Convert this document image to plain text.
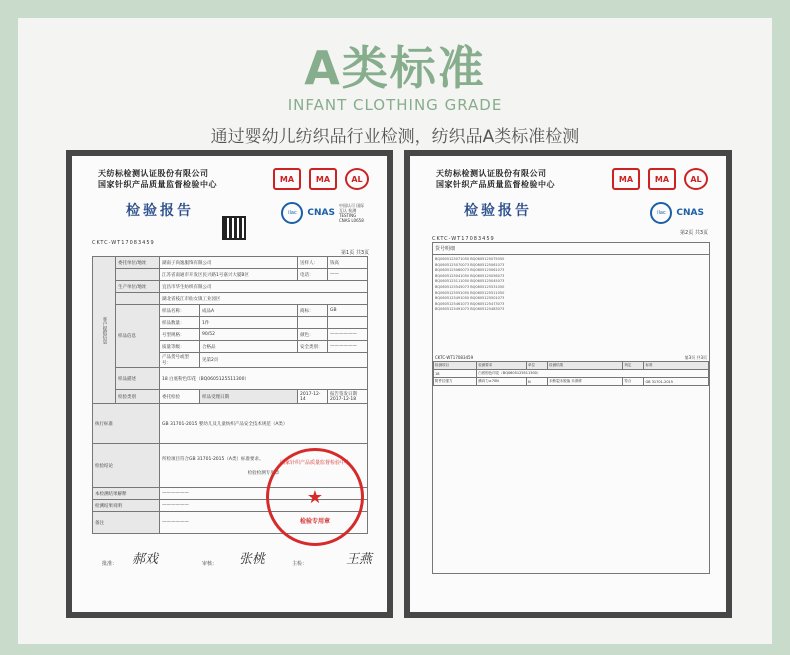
A类标准
INFANT CLOTHING GRADE
通过婴幼儿纺织品行业检测，纺织品A类标准检测
天纺标检测认证股份有限公司
国家针织产品质量监督检验中心
MA	MA	AL
检验报告	ilac	CNAS
中国认可 国际互认 检测 TESTING CNAS L0658
CKTC-WT17083459
第1页 共3页
客户提供信息	委托单位/地址	湖南子尚逸服饰有限公司		送样人：	钱高
		江苏省南通市开发区民兴路1号嘉兴大厦B区		电话：	——
	生产单位/地址	宜昌市华生纺织有限公司			
		湖北省枝江市仙女镇工业园区			
	样品信息	样品名称：	成品A	商标：	GB
		样品数量：	1件		
		号型规格：	90/52	颜色：	——————
		质量等级：	合格品	安全类别：	——————
		产品货号或型号：	见第2页		
	样品描述	18 白底粉色印花（BQ0605125511300）			
	检验类别	委托检验	样品受理日期	2017-12-14	报告签发日期 2017-12-18
执行标准		GB 31701-2015 婴幼儿及儿童纺织产品安全技术规范（A类）			
检验结论		所检项目符合GB 31701-2015（A类）标准要求。
检验检测专用章			

本检测结果解释		——————			
检测结果说明		——————			
备注		——————			
国家针织产品质量监督检验中心
★
检验专用章
郝戏	张桃	王燕
批准：	审核：	主检：
天纺标检测认证股份有限公司
国家针织产品质量监督检验中心
MA	MA	AL
检验报告	ilac	CNAS
CKTC-WT17083459
第2页 共3页
货号明细
BQ0605125071050 BQ0605125075050
BQ0605125070073 BQ0605125061073
BQ0605125060073 BQ0605125061073
BQ0605125041050 BQ0605125056073
BQ0605125111050 BQ0605125045073
BQ0605125545073 BQ0605125531050
BQ0605125551050 BQ0605125511050
BQ0605125491050 BQ0605125501073
BQ0605125461073 BQ0605125473073
BQ0605125491073 BQ0605125483073
CKTC-WT17083459	第3页 共3页
检测项目	检测要求	单位	检测结果	判定	标准
18	白底粉色印花（BQ0605125511300）				
附件拉强力	横向力≥70N	N	未断裂未脱落 未滑移	符合	GB 31701-2015
